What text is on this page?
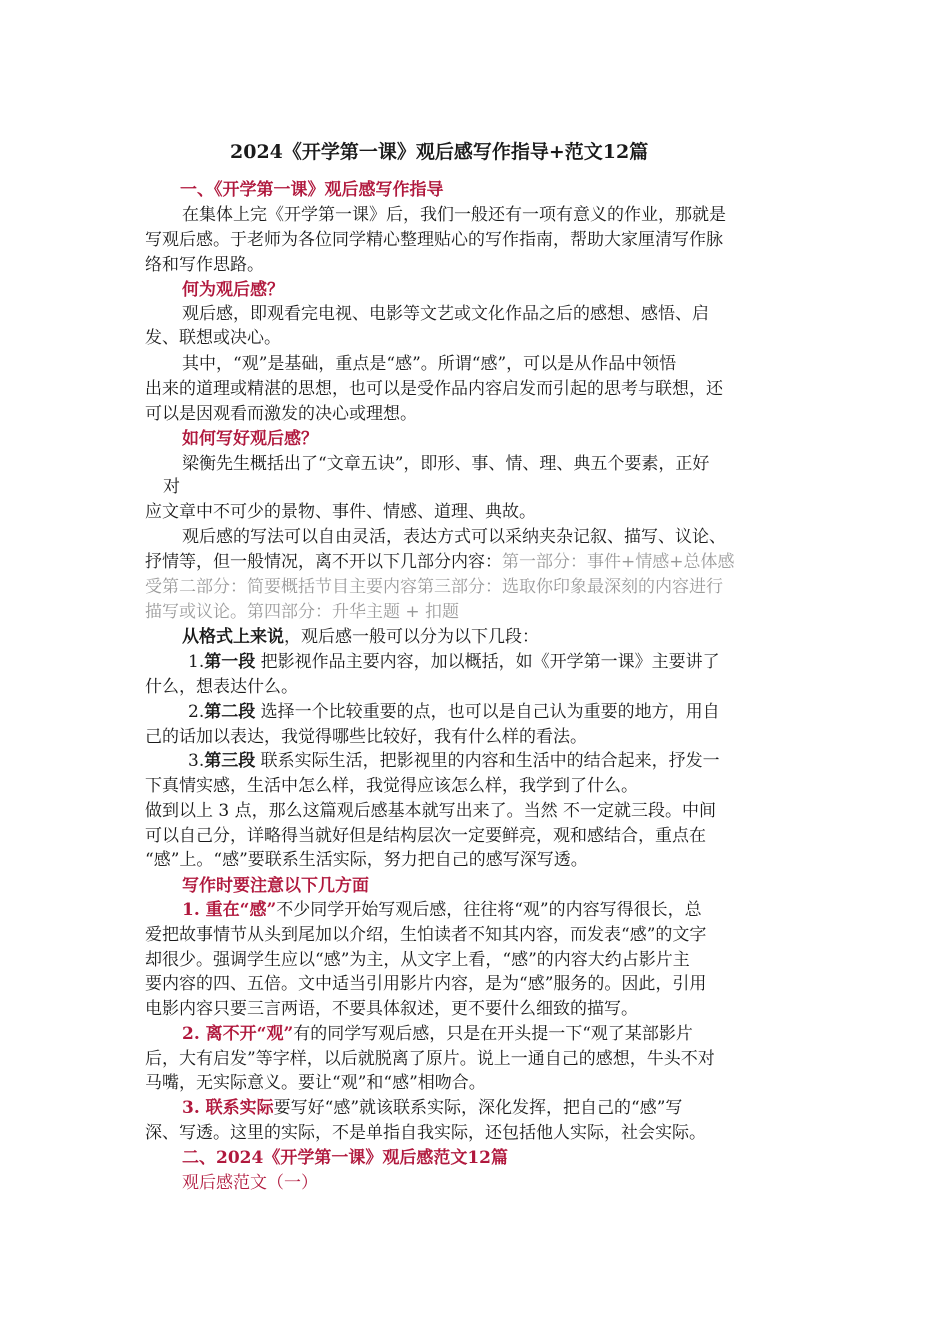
2024《开学第一课》观后感写作指导+范文12篇
一、《开学第一课》观后感写作指导
在集体上完《开学第一课》后，我们一般还有一项有意义的作业，那就是
写观后感。于老师为各位同学精心整理贴心的写作指南，帮助大家厘清写作脉
络和写作思路。
何为观后感？
观后感，即观看完电视、电影等文艺或文化作品之后的感想、感悟、启
发、联想或决心。
其中，“观”是基础，重点是“感”。所谓“感”，可以是从作品中领悟
出来的道理或精湛的思想，也可以是受作品内容启发而引起的思考与联想，还
可以是因观看而激发的决心或理想。
如何写好观后感？
梁衡先生概括出了“文章五诀”，即形、事、情、理、典五个要素，正好
对
应文章中不可少的景物、事件、情感、道理、典故。
观后感的写法可以自由灵活，表达方式可以采纳夹杂记叙、描写、议论、
抒情等，但一般情况，离不开以下几部分内容：第一部分：事件+情感+总体感
受第二部分：简要概括节目主要内容第三部分：选取你印象最深刻的内容进行
描写或议论。第四部分：升华主题 + 扣题
从格式上来说，观后感一般可以分为以下几段：
1.第一段 把影视作品主要内容，加以概括，如《开学第一课》主要讲了
什么，想表达什么。
2.第二段 选择一个比较重要的点，也可以是自己认为重要的地方，用自
己的话加以表达，我觉得哪些比较好，我有什么样的看法。
3.第三段 联系实际生活，把影视里的内容和生活中的结合起来，抒发一
下真情实感，生活中怎么样，我觉得应该怎么样，我学到了什么。
做到以上 3 点，那么这篇观后感基本就写出来了。当然 不一定就三段。中间
可以自己分，详略得当就好但是结构层次一定要鲜亮，观和感结合，重点在
“感”上。“感”要联系生活实际，努力把自己的感写深写透。
写作时要注意以下几方面
1. 重在“感”不少同学开始写观后感，往往将“观”的内容写得很长，总
爱把故事情节从头到尾加以介绍，生怕读者不知其内容，而发表“感”的文字
却很少。强调学生应以“感”为主，从文字上看，“感”的内容大约占影片主
要内容的四、五倍。文中适当引用影片内容，是为“感”服务的。因此，引用
电影内容只要三言两语，不要具体叙述，更不要什么细致的描写。
2. 离不开“观”有的同学写观后感，只是在开头提一下“观了某部影片
后，大有启发”等字样，以后就脱离了原片。说上一通自己的感想，牛头不对
马嘴，无实际意义。要让“观”和“感”相吻合。
3. 联系实际要写好“感”就该联系实际，深化发挥，把自己的“感”写
深、写透。这里的实际，不是单指自我实际，还包括他人实际，社会实际。
二、2024《开学第一课》观后感范文12篇
观后感范文（一）
